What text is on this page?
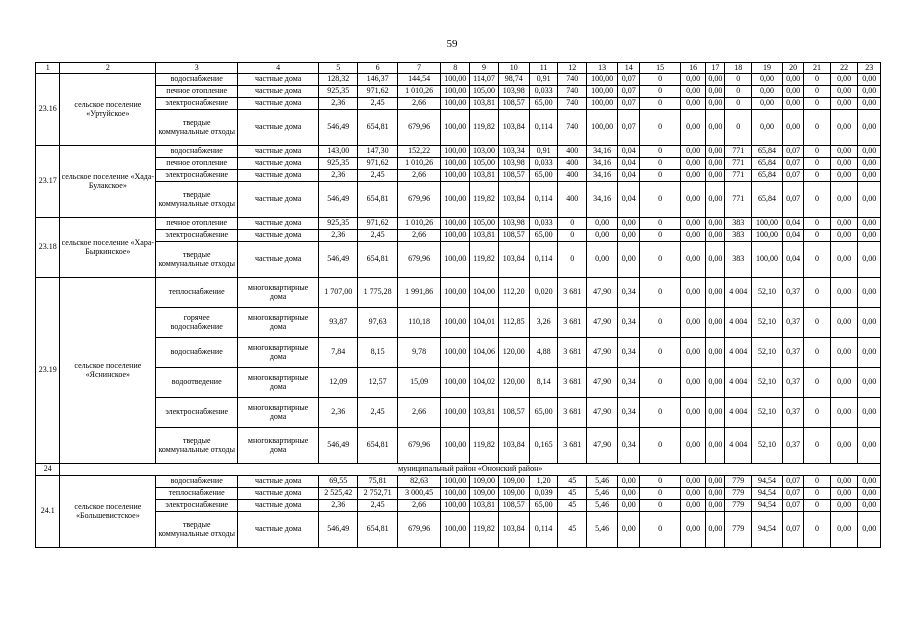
59
1	2	3	4	5	6	7	8	9	10	11	12	13	14	15	16	17	18	19	20	21	22	23
23.16	сельское поселение «Уртуйское»	водоснабжение	частные дома	128,32	146,37	144,54	100,00	114,07	98,74	0,91	740	100,00	0,07	0	0,00	0,00	0	0,00	0,00	0	0,00	0,00
		печное отопление	частные дома	925,35	971,62	1 010,26	100,00	105,00	103,98	0,033	740	100,00	0,07	0	0,00	0,00	0	0,00	0,00	0	0,00	0,00
		электроснабжение	частные дома	2,36	2,45	2,66	100,00	103,81	108,57	65,00	740	100,00	0,07	0	0,00	0,00	0	0,00	0,00	0	0,00	0,00
		твердые коммунальные отходы	частные дома	546,49	654,81	679,96	100,00	119,82	103,84	0,114	740	100,00	0,07	0	0,00	0,00	0	0,00	0,00	0	0,00	0,00
23.17	сельское поселение «Хада-Булакское»	водоснабжение	частные дома	143,00	147,30	152,22	100,00	103,00	103,34	0,91	400	34,16	0,04	0	0,00	0,00	771	65,84	0,07	0	0,00	0,00
		печное отопление	частные дома	925,35	971,62	1 010,26	100,00	105,00	103,98	0,033	400	34,16	0,04	0	0,00	0,00	771	65,84	0,07	0	0,00	0,00
		электроснабжение	частные дома	2,36	2,45	2,66	100,00	103,81	108,57	65,00	400	34,16	0,04	0	0,00	0,00	771	65,84	0,07	0	0,00	0,00
		твердые коммунальные отходы	частные дома	546,49	654,81	679,96	100,00	119,82	103,84	0,114	400	34,16	0,04	0	0,00	0,00	771	65,84	0,07	0	0,00	0,00
23.18	сельское поселение «Хара-Быркинское»	печное отопление	частные дома	925,35	971,62	1 010,26	100,00	105,00	103,98	0,033	0	0,00	0,00	0	0,00	0,00	383	100,00	0,04	0	0,00	0,00
		электроснабжение	частные дома	2,36	2,45	2,66	100,00	103,81	108,57	65,00	0	0,00	0,00	0	0,00	0,00	383	100,00	0,04	0	0,00	0,00
		твердые коммунальные отходы	частные дома	546,49	654,81	679,96	100,00	119,82	103,84	0,114	0	0,00	0,00	0	0,00	0,00	383	100,00	0,04	0	0,00	0,00
23.19	сельское поселение «Яснинское»	теплоснабжение	многоквартирные дома	1 707,00	1 775,28	1 991,86	100,00	104,00	112,20	0,020	3 681	47,90	0,34	0	0,00	0,00	4 004	52,10	0,37	0	0,00	0,00
		горячее водоснабжение	многоквартирные дома	93,87	97,63	110,18	100,00	104,01	112,85	3,26	3 681	47,90	0,34	0	0,00	0,00	4 004	52,10	0,37	0	0,00	0,00
		водоснабжение	многоквартирные дома	7,84	8,15	9,78	100,00	104,06	120,00	4,88	3 681	47,90	0,34	0	0,00	0,00	4 004	52,10	0,37	0	0,00	0,00
		водоотведение	многоквартирные дома	12,09	12,57	15,09	100,00	104,02	120,00	8,14	3 681	47,90	0,34	0	0,00	0,00	4 004	52,10	0,37	0	0,00	0,00
		электроснабжение	многоквартирные дома	2,36	2,45	2,66	100,00	103,81	108,57	65,00	3 681	47,90	0,34	0	0,00	0,00	4 004	52,10	0,37	0	0,00	0,00
		твердые коммунальные отходы	многоквартирные дома	546,49	654,81	679,96	100,00	119,82	103,84	0,165	3 681	47,90	0,34	0	0,00	0,00	4 004	52,10	0,37	0	0,00	0,00
24	муниципальный район «Ононский район»																					
24.1	сельское поселение «Большевистское»	водоснабжение	частные дома	69,55	75,81	82,63	100,00	109,00	109,00	1,20	45	5,46	0,00	0	0,00	0,00	779	94,54	0,07	0	0,00	0,00
		теплоснабжение	частные дома	2 525,42	2 752,71	3 000,45	100,00	109,00	109,00	0,039	45	5,46	0,00	0	0,00	0,00	779	94,54	0,07	0	0,00	0,00
		электроснабжение	частные дома	2,36	2,45	2,66	100,00	103,81	108,57	65,00	45	5,46	0,00	0	0,00	0,00	779	94,54	0,07	0	0,00	0,00
		твердые коммунальные отходы	частные дома	546,49	654,81	679,96	100,00	119,82	103,84	0,114	45	5,46	0,00	0	0,00	0,00	779	94,54	0,07	0	0,00	0,00
